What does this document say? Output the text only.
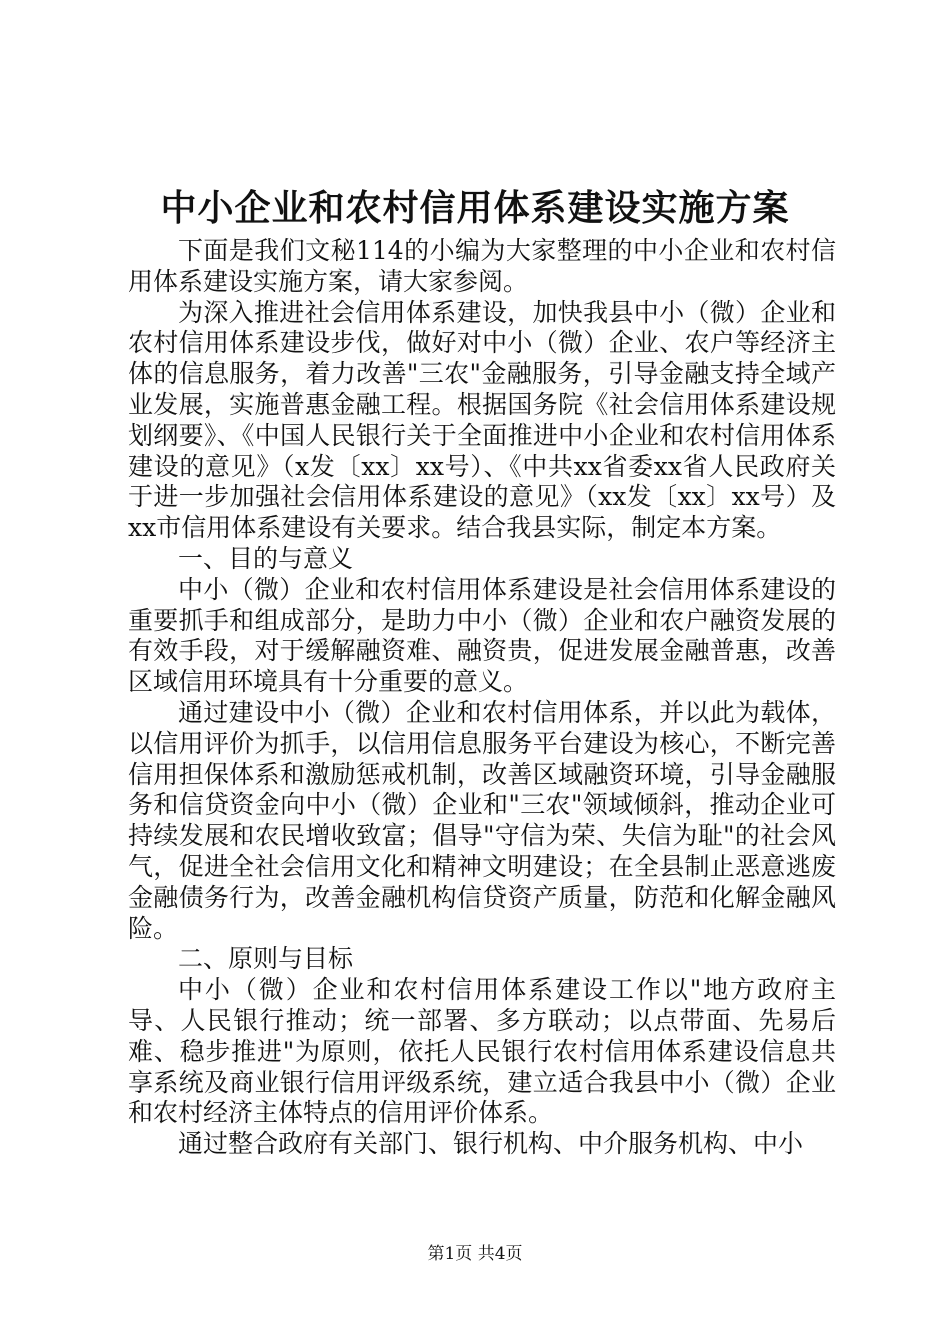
中小企业和农村信用体系建设实施方案

下面是我们文秘114的小编为大家整理的中小企业和农村信用体系建设实施方案，请大家参阅。

为深入推进社会信用体系建设，加快我县中小（微）企业和农村信用体系建设步伐，做好对中小（微）企业、农户等经济主体的信息服务，着力改善"三农"金融服务，引导金融支持全域产业发展，实施普惠金融工程。根据国务院《社会信用体系建设规划纲要》、《中国人民银行关于全面推进中小企业和农村信用体系建设的意见》（x发〔xx〕xx号）、《中共xx省委xx省人民政府关于进一步加强社会信用体系建设的意见》（xx发〔xx〕xx号）及xx市信用体系建设有关要求。结合我县实际，制定本方案。

一、目的与意义

中小（微）企业和农村信用体系建设是社会信用体系建设的重要抓手和组成部分，是助力中小（微）企业和农户融资发展的有效手段，对于缓解融资难、融资贵，促进发展金融普惠，改善区域信用环境具有十分重要的意义。

通过建设中小（微）企业和农村信用体系，并以此为载体，以信用评价为抓手，以信用信息服务平台建设为核心，不断完善信用担保体系和激励惩戒机制，改善区域融资环境，引导金融服务和信贷资金向中小（微）企业和"三农"领域倾斜，推动企业可持续发展和农民增收致富；倡导"守信为荣、失信为耻"的社会风气，促进全社会信用文化和精神文明建设；在全县制止恶意逃废金融债务行为，改善金融机构信贷资产质量，防范和化解金融风险。

二、原则与目标

中小（微）企业和农村信用体系建设工作以"地方政府主导、人民银行推动；统一部署、多方联动；以点带面、先易后难、稳步推进"为原则，依托人民银行农村信用体系建设信息共享系统及商业银行信用评级系统，建立适合我县中小（微）企业和农村经济主体特点的信用评价体系。

通过整合政府有关部门、银行机构、中介服务机构、中小

第1页 共4页
